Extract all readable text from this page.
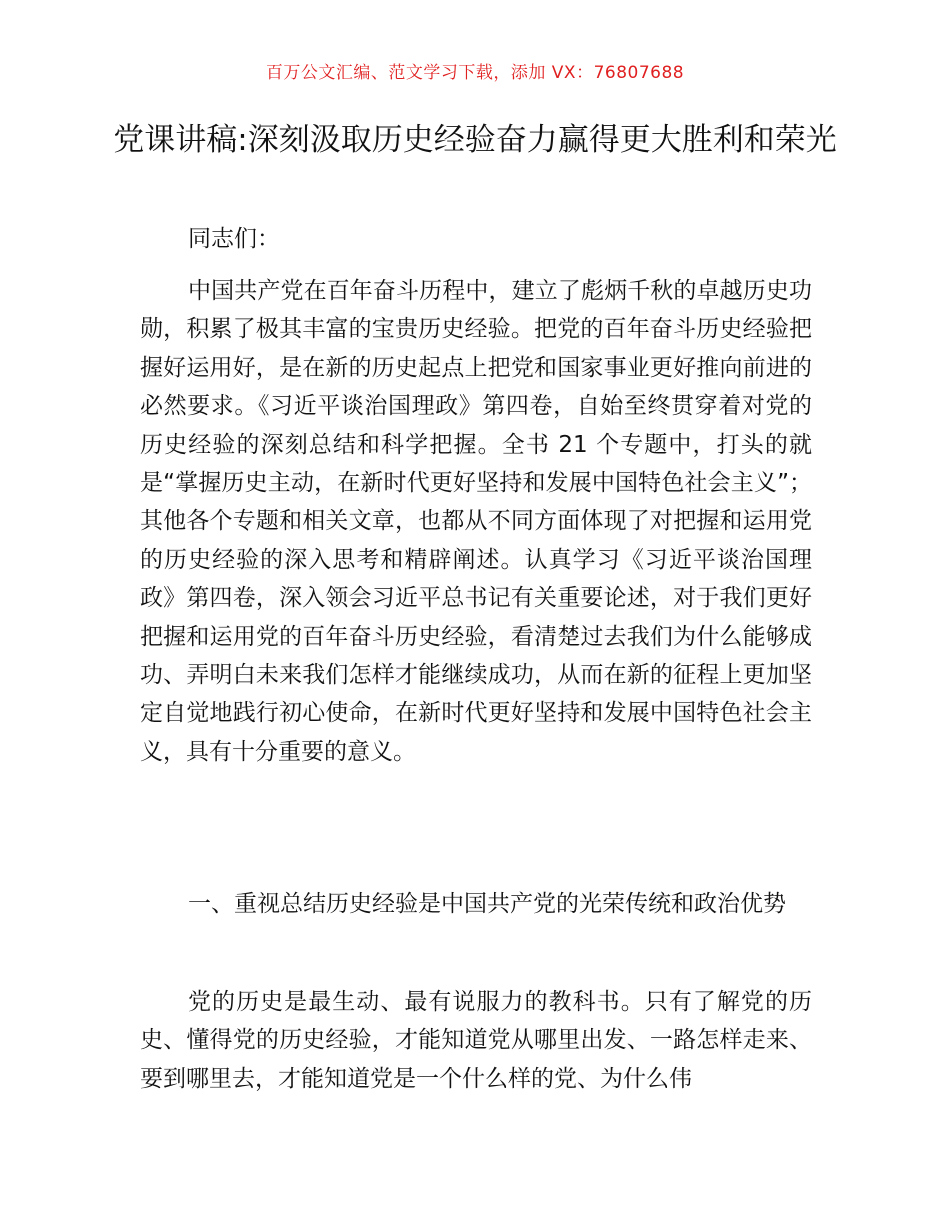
百万公文汇编、范文学习下载，添加 VX：76807688
党课讲稿:深刻汲取历史经验奋力赢得更大胜利和荣光

同志们：

中国共产党在百年奋斗历程中，建立了彪炳千秋的卓越历史功勋，积累了极其丰富的宝贵历史经验。把党的百年奋斗历史经验把握好运用好，是在新的历史起点上把党和国家事业更好推向前进的必然要求。《习近平谈治国理政》第四卷，自始至终贯穿着对党的历史经验的深刻总结和科学把握。全书 21 个专题中，打头的就是“掌握历史主动，在新时代更好坚持和发展中国特色社会主义”；其他各个专题和相关文章，也都从不同方面体现了对把握和运用党的历史经验的深入思考和精辟阐述。认真学习《习近平谈治国理政》第四卷，深入领会习近平总书记有关重要论述，对于我们更好把握和运用党的百年奋斗历史经验，看清楚过去我们为什么能够成功、弄明白未来我们怎样才能继续成功，从而在新的征程上更加坚定自觉地践行初心使命，在新时代更好坚持和发展中国特色社会主义，具有十分重要的意义。

一、重视总结历史经验是中国共产党的光荣传统和政治优势

党的历史是最生动、最有说服力的教科书。只有了解党的历史、懂得党的历史经验，才能知道党从哪里出发、一路怎样走来、要到哪里去，才能知道党是一个什么样的党、为什么伟
